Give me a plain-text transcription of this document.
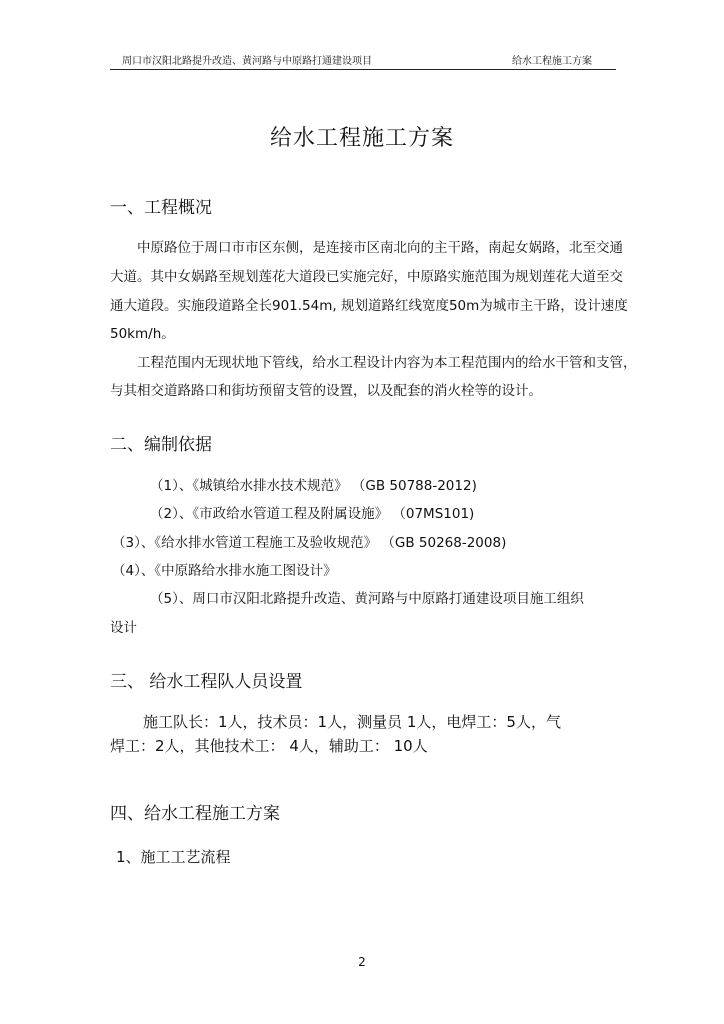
周口市汉阳北路提升改造、黄河路与中原路打通建设项目	给水工程施工方案
给水工程施工方案
一、工程概况
中原路位于周口市市区东侧，是连接市区南北向的主干路，南起女娲路，北至交通
大道。其中女娲路至规划莲花大道段已实施完好，中原路实施范围为规划莲花大道至交
通大道段。实施段道路全长901.54m, 规划道路红线宽度50m为城市主干路，设计速度
50km/h。
工程范围内无现状地下管线，给水工程设计内容为本工程范围内的给水干管和支管，
与其相交道路路口和街坊预留支管的设置，以及配套的消火栓等的设计。
二、编制依据
（1）、《城镇给水排水技术规范》 （GB 50788-2012)
（2）、《市政给水管道工程及附属设施》 （07MS101)
（3）、《给水排水管道工程施工及验收规范》 （GB 50268-2008)
（4）、《中原路给水排水施工图设计》
（5）、周口市汉阳北路提升改造、黄河路与中原路打通建设项目施工组织
设计
三、 给水工程队人员设置
施工队长：1人，技术员：1人，测量员 1人，电焊工：5人，气
焊工：2人，其他技术工： 4人，辅助工： 10人
四、给水工程施工方案
1、施工工艺流程
2
